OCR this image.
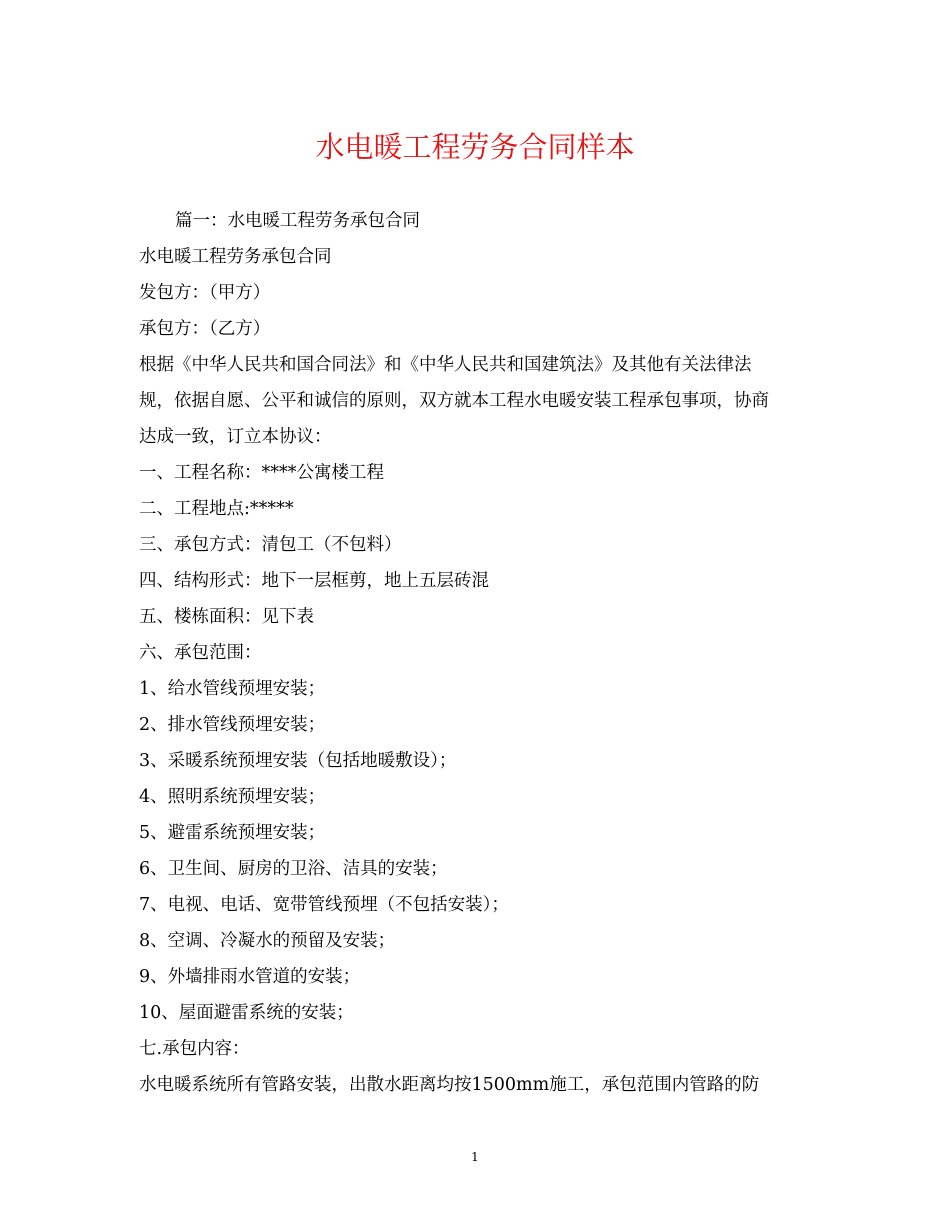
水电暖工程劳务合同样本
篇一：水电暖工程劳务承包合同
水电暖工程劳务承包合同
发包方：（甲方）
承包方：（乙方）
根据《中华人民共和国合同法》和《中华人民共和国建筑法》及其他有关法律法
规，依据自愿、公平和诚信的原则，双方就本工程水电暖安装工程承包事项，协商
达成一致，订立本协议：
一、工程名称：****公寓楼工程
二、工程地点:*****
三、承包方式：清包工（不包料）
四、结构形式：地下一层框剪，地上五层砖混
五、楼栋面积：见下表
六、承包范围：
1、给水管线预埋安装；
2、排水管线预埋安装；
3、采暖系统预埋安装（包括地暖敷设）；
4、照明系统预埋安装；
5、避雷系统预埋安装；
6、卫生间、厨房的卫浴、洁具的安装；
7、电视、电话、宽带管线预埋（不包括安装）；
8、空调、冷凝水的预留及安装；
9、外墙排雨水管道的安装；
10、屋面避雷系统的安装；
七.承包内容：
水电暖系统所有管路安装，出散水距离均按1500mm施工，承包范围内管路的防
1
